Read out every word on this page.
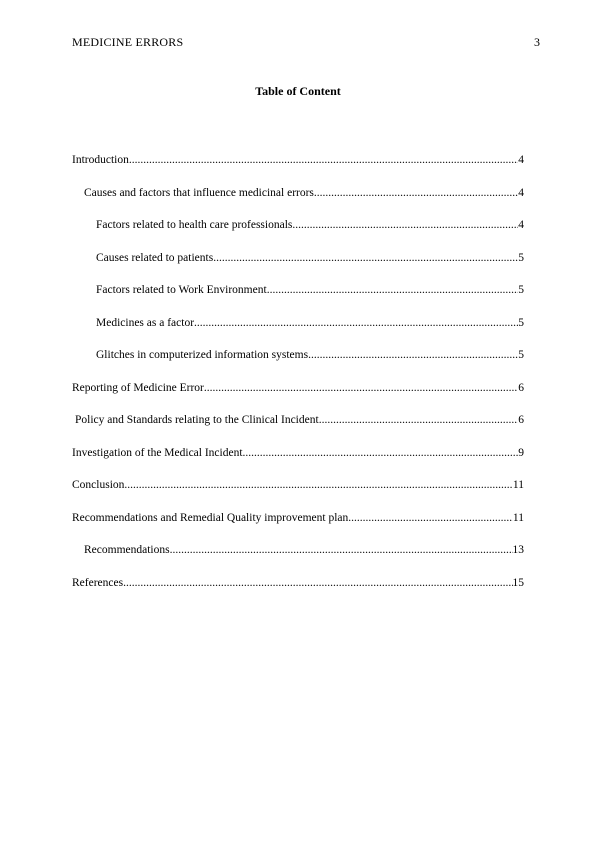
MEDICINE ERRORS	3
Table of Content
Introduction .....	4
Causes and factors that influence medicinal errors .....	4
Factors related to health care professionals .....	4
Causes related to patients .....	5
Factors related to Work Environment .....	5
Medicines as a factor .....	5
Glitches in computerized information systems .....	5
Reporting of Medicine Error .....	6
Policy and Standards relating to the Clinical Incident .....	6
Investigation of the Medical Incident .....	9
Conclusion .....	11
Recommendations and Remedial Quality improvement plan .....	11
Recommendations .....	13
References .....	15
